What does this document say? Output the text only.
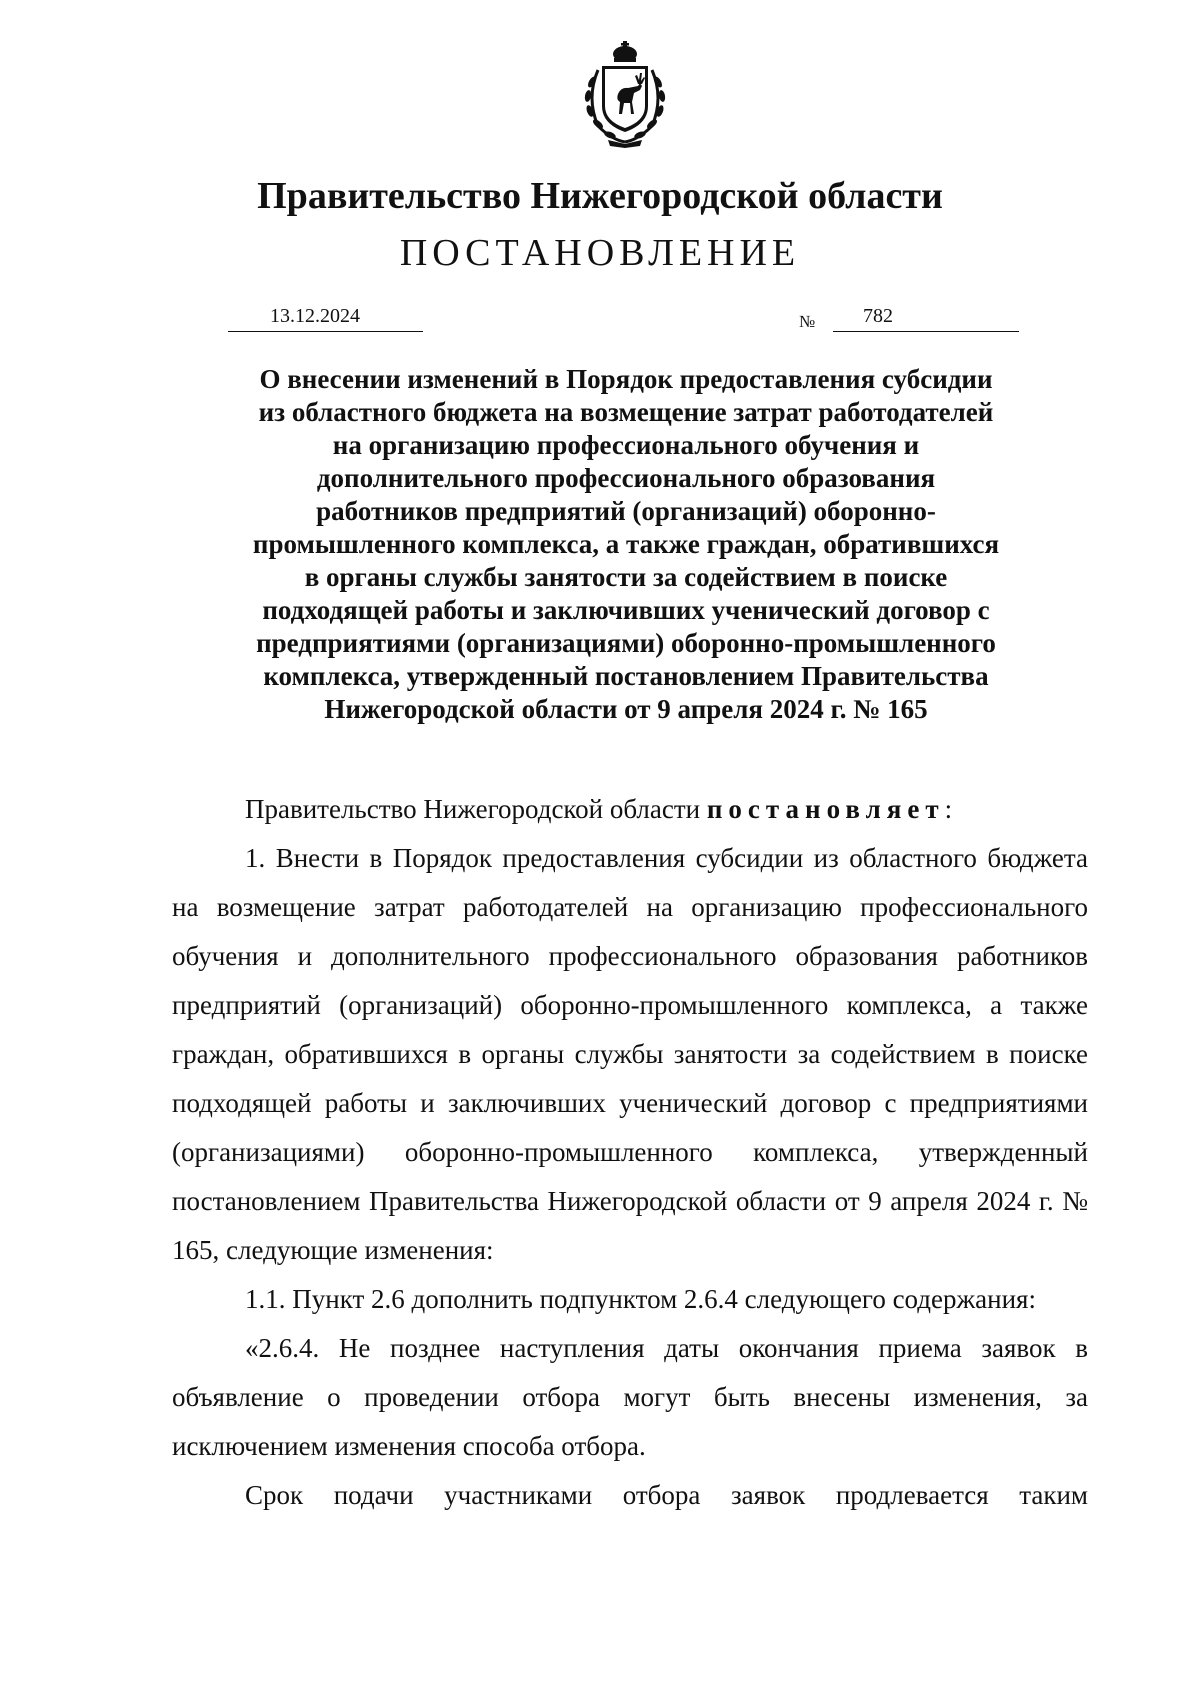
Правительство Нижегородской области
ПОСТАНОВЛЕНИЕ
13.12.2024	№ 782
О внесении изменений в Порядок предоставления субсидии
из областного бюджета на возмещение затрат работодателей
на организацию профессионального обучения и
дополнительного профессионального образования
работников предприятий (организаций) оборонно-
промышленного комплекса, а также граждан, обратившихся
в органы службы занятости за содействием в поиске
подходящей работы и заключивших ученический договор с
предприятиями (организациями) оборонно-промышленного
комплекса, утвержденный постановлением Правительства
Нижегородской области от 9 апреля 2024 г. № 165

Правительство Нижегородской области постановляет:

1. Внести в Порядок предоставления субсидии из областного бюджета на возмещение затрат работодателей на организацию профессионального обучения и дополнительного профессионального образования работников предприятий (организаций) оборонно-промышленного комплекса, а также граждан, обратившихся в органы службы занятости за содействием в поиске подходящей работы и заключивших ученический договор с предприятиями (организациями) оборонно-промышленного комплекса, утвержденный постановлением Правительства Нижегородской области от 9 апреля 2024 г. № 165, следующие изменения:

1.1. Пункт 2.6 дополнить подпунктом 2.6.4 следующего содержания:

«2.6.4. Не позднее наступления даты окончания приема заявок в объявление о проведении отбора могут быть внесены изменения, за исключением изменения способа отбора.

Срок подачи участниками отбора заявок продлевается таким
